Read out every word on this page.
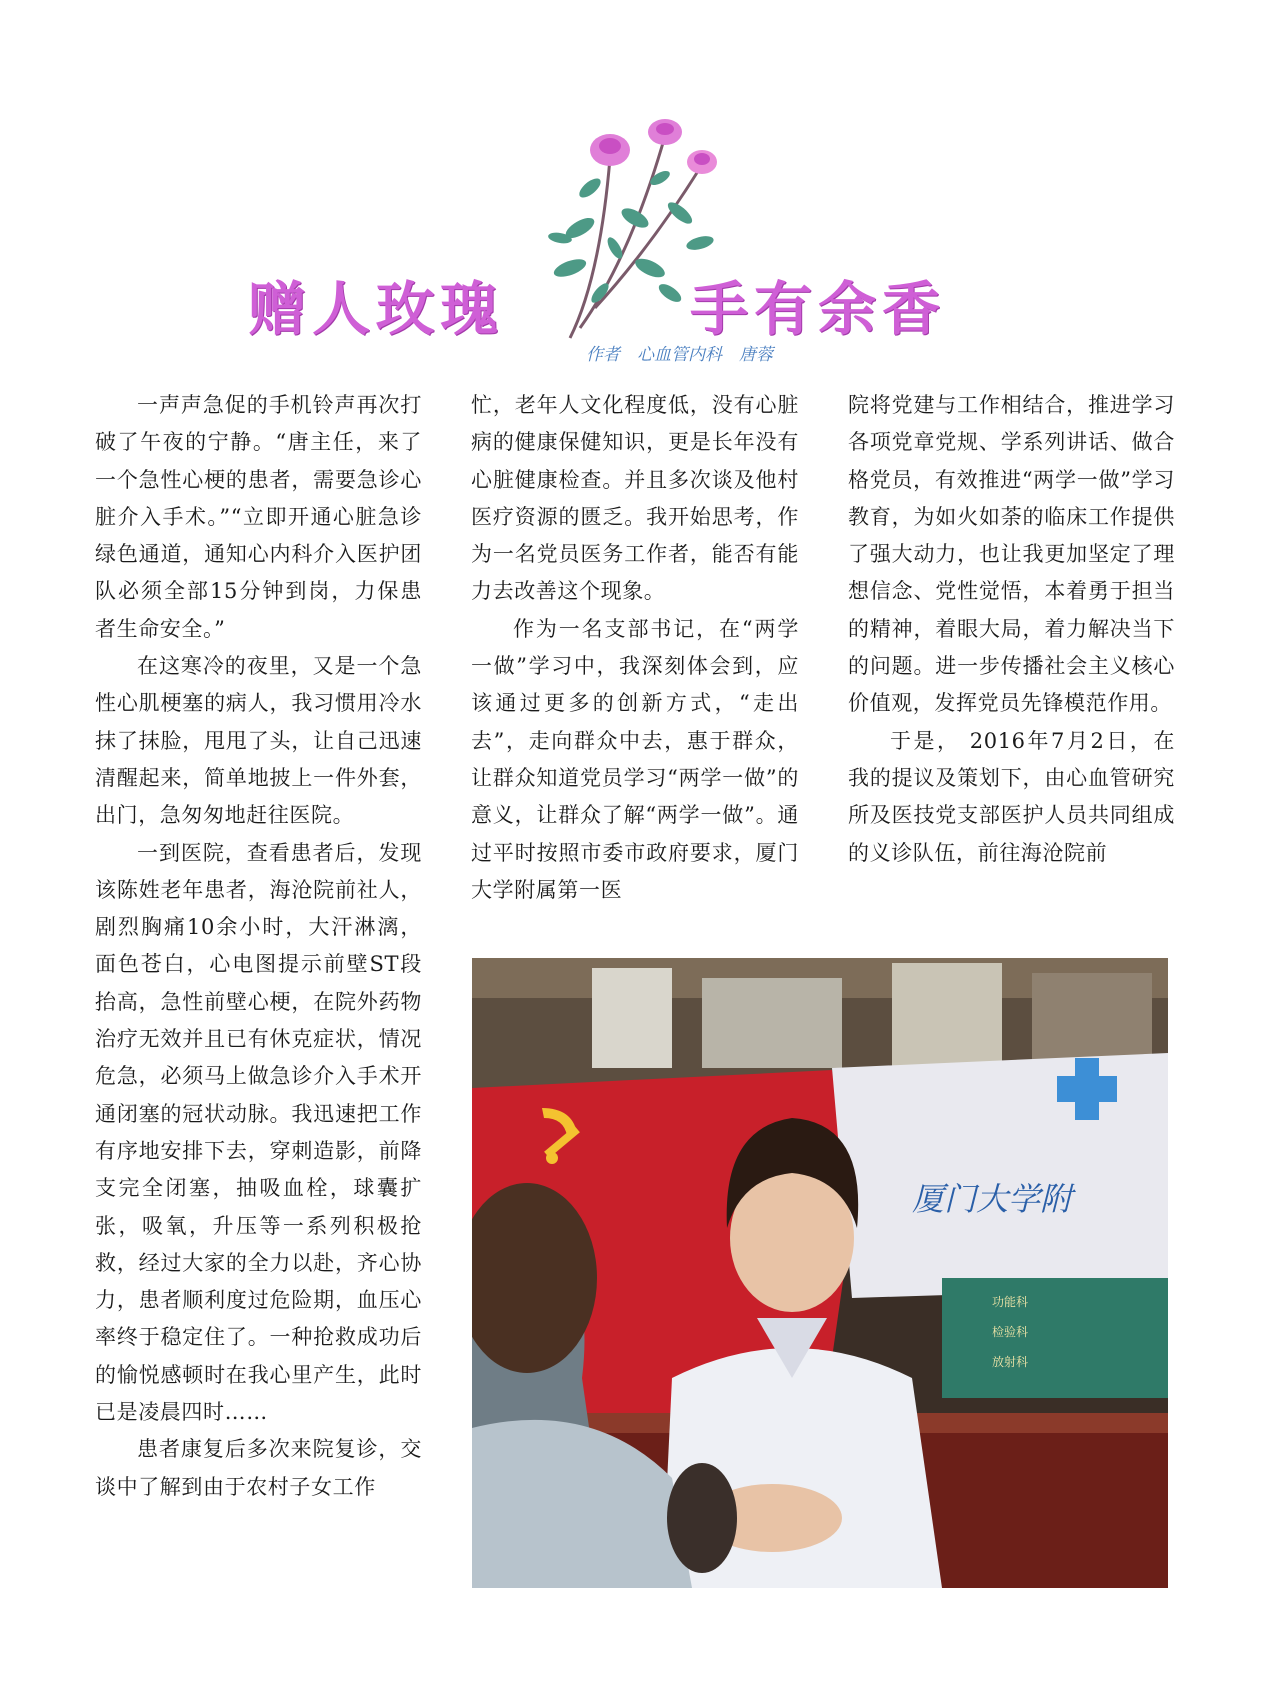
赠人玫瑰	手有余香
作者　心血管内科　唐蓉

一声声急促的手机铃声再次打破了午夜的宁静。“唐主任，来了一个急性心梗的患者，需要急诊心脏介入手术。”“立即开通心脏急诊绿色通道，通知心内科介入医护团队必须全部15分钟到岗，力保患者生命安全。”

在这寒冷的夜里，又是一个急性心肌梗塞的病人，我习惯用冷水抹了抹脸，甩甩了头，让自己迅速清醒起来，简单地披上一件外套，出门，急匆匆地赶往医院。

一到医院，查看患者后，发现该陈姓老年患者，海沧院前社人，剧烈胸痛10余小时，大汗淋漓，面色苍白，心电图提示前壁ST段抬高，急性前壁心梗，在院外药物治疗无效并且已有休克症状，情况危急，必须马上做急诊介入手术开通闭塞的冠状动脉。我迅速把工作有序地安排下去，穿刺造影，前降支完全闭塞，抽吸血栓，球囊扩张，吸氧，升压等一系列积极抢救，经过大家的全力以赴，齐心协力，患者顺利度过危险期，血压心率终于稳定住了。一种抢救成功后的愉悦感顿时在我心里产生，此时已是凌晨四时……

患者康复后多次来院复诊，交谈中了解到由于农村子女工作

忙，老年人文化程度低，没有心脏病的健康保健知识，更是长年没有心脏健康检查。并且多次谈及他村医疗资源的匮乏。我开始思考，作为一名党员医务工作者，能否有能力去改善这个现象。

作为一名支部书记，在“两学一做”学习中，我深刻体会到，应该通过更多的创新方式，“走出去”，走向群众中去，惠于群众，让群众知道党员学习“两学一做”的意义，让群众了解“两学一做”。通过平时按照市委市政府要求，厦门大学附属第一医

院将党建与工作相结合，推进学习各项党章党规、学系列讲话、做合格党员，有效推进“两学一做”学习教育，为如火如荼的临床工作提供了强大动力，也让我更加坚定了理想信念、党性觉悟，本着勇于担当的精神，着眼大局，着力解决当下的问题。进一步传播社会主义核心价值观，发挥党员先锋模范作用。

于是， 2016年7月2日，在我的提议及策划下，由心血管研究所及医技党支部医护人员共同组成的义诊队伍，前往海沧院前

厦门大学附
功能科
检验科
放射科
